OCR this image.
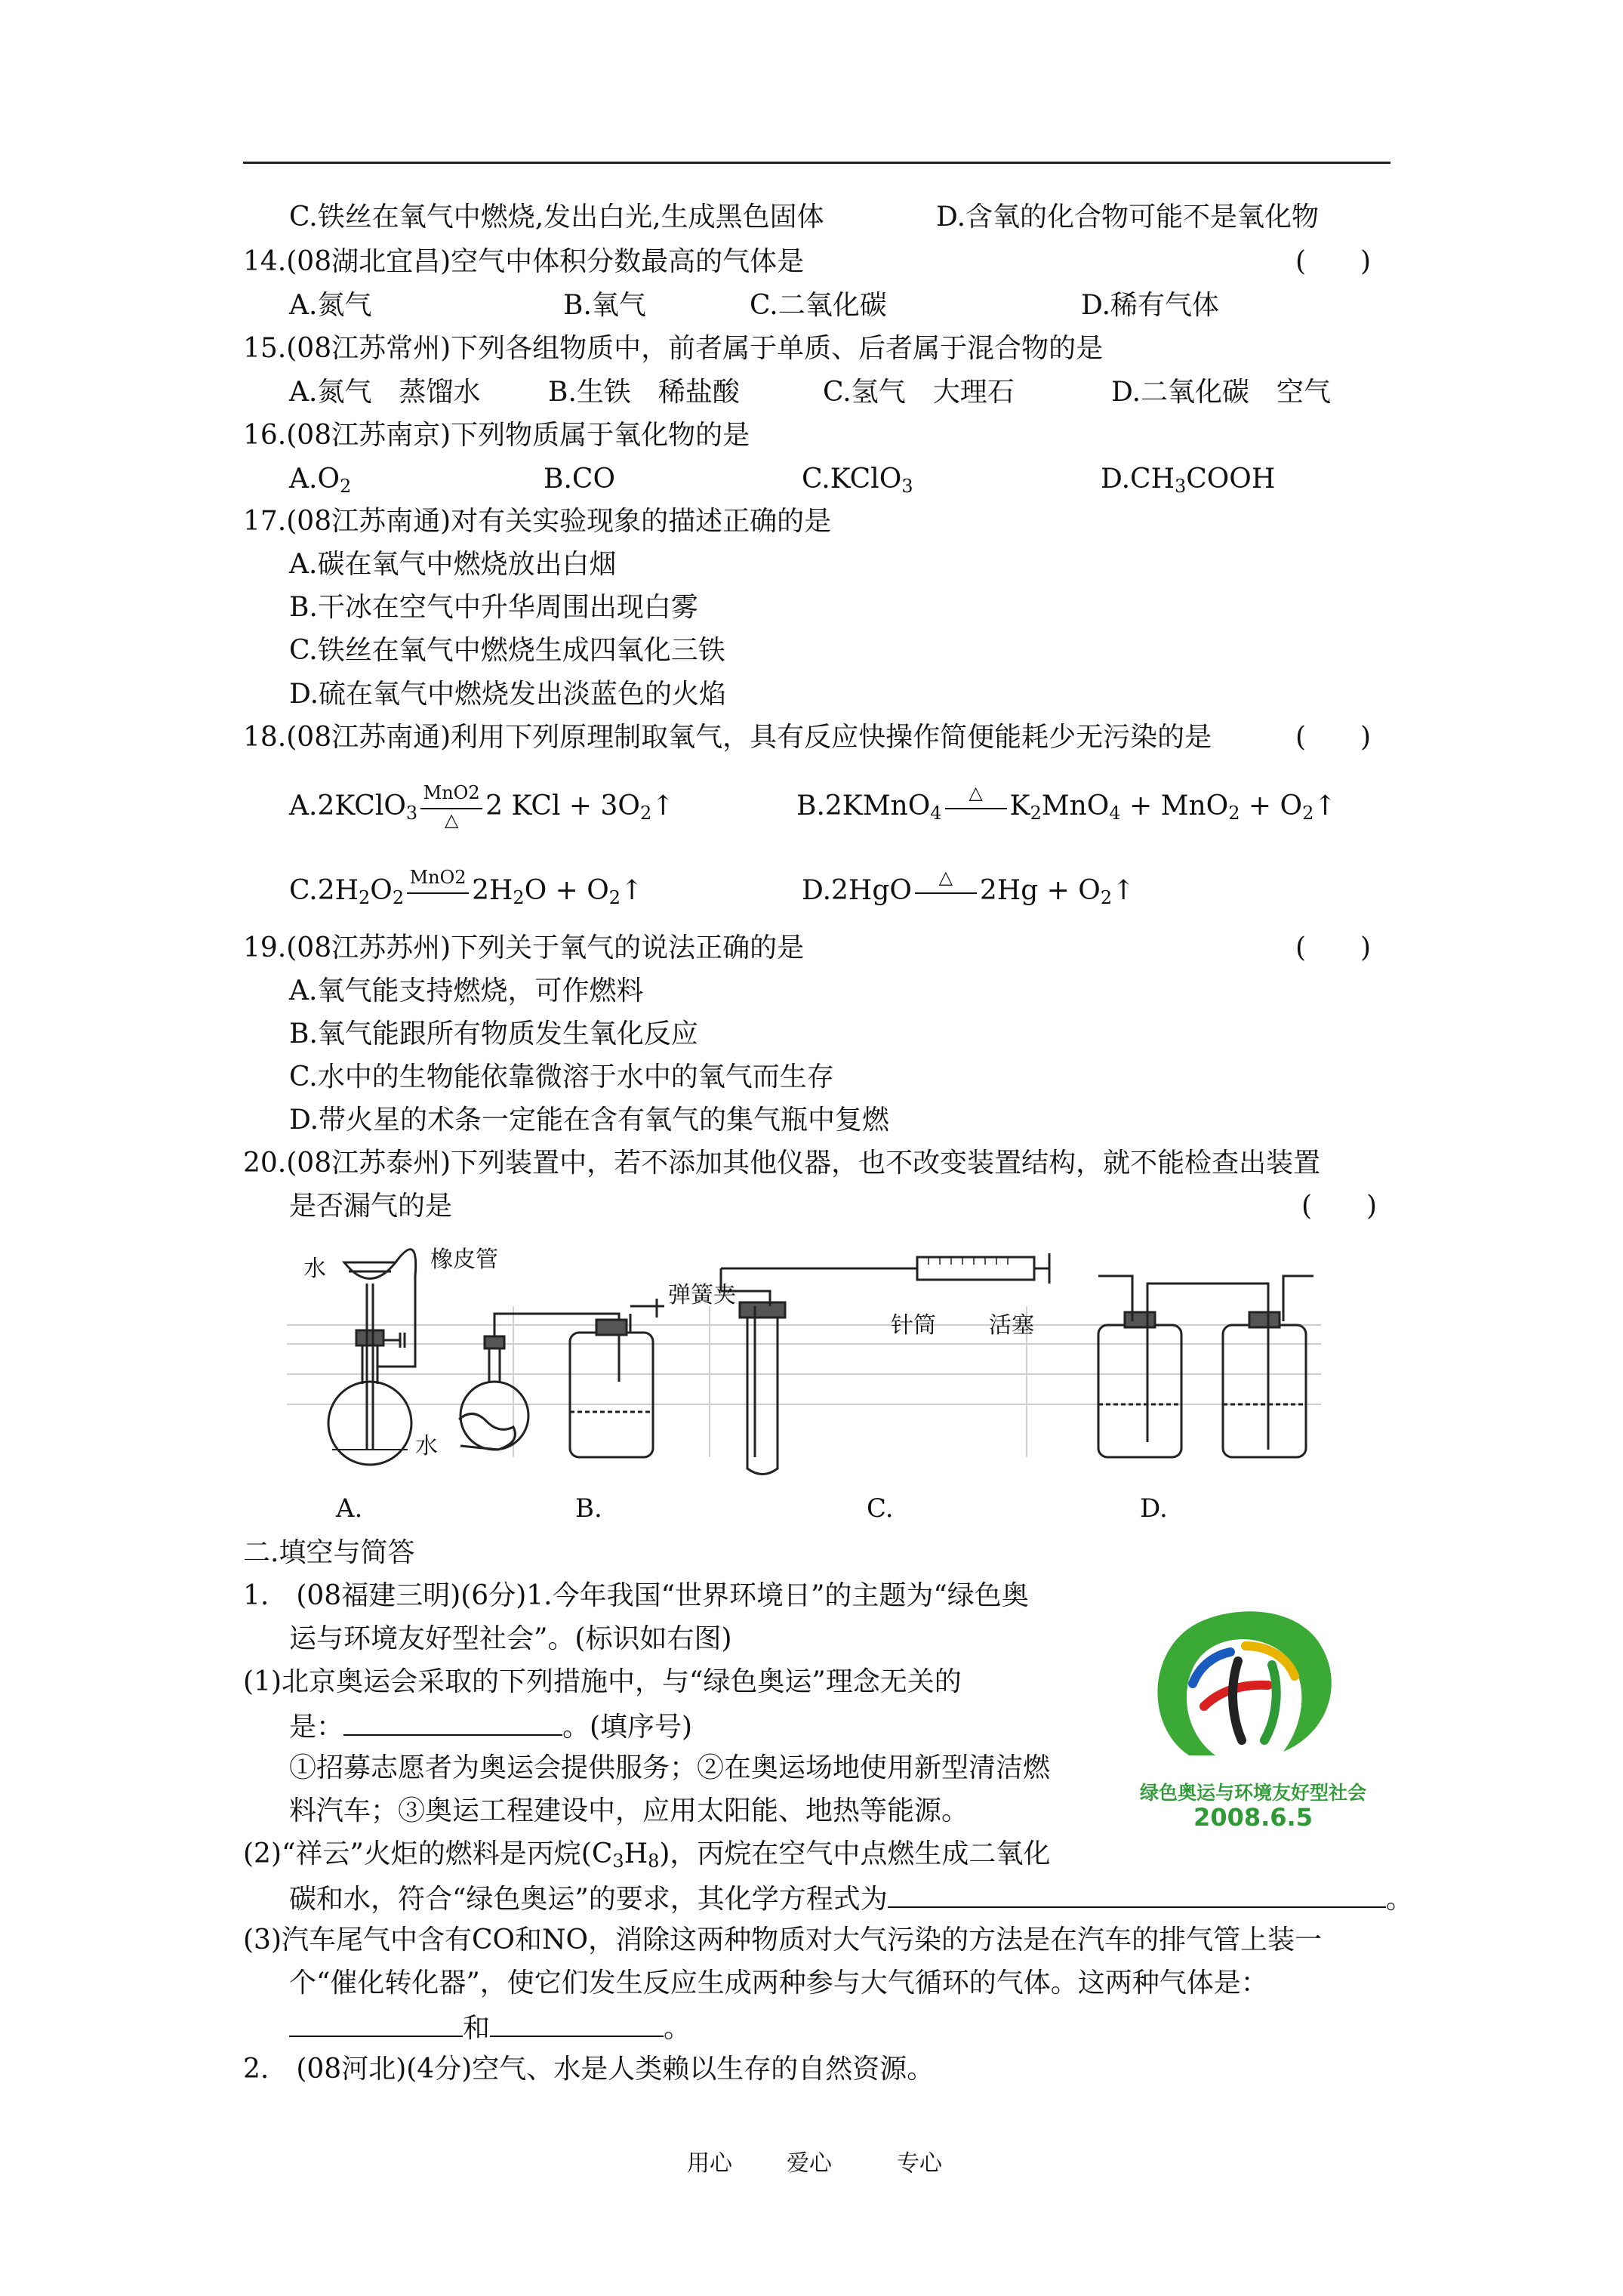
C.铁丝在氧气中燃烧,发出白光,生成黑色固体	D.含氧的化合物可能不是氧化物
14.(08湖北宜昌)空气中体积分数最高的气体是	(　　)
A.氮气	B.氧气	C.二氧化碳	D.稀有气体
15.(08江苏常州)下列各组物质中，前者属于单质、后者属于混合物的是
A.氮气　蒸馏水 B.生铁　稀盐酸	C.氢气　大理石	D.二氧化碳　空气
16.(08江苏南京)下列物质属于氧化物的是
$A.O_2$	B.CO	C.KClO$_3$	$D.CH_3COOH$
17.(08江苏南通)对有关实验现象的描述正确的是
A.碳在氧气中燃烧放出白烟
B.干冰在空气中升华周围出现白雾
C.铁丝在氧气中燃烧生成四氧化三铁
D.硫在氧气中燃烧发出淡蓝色的火焰
18.(08江苏南通)利用下列原理制取氧气，具有反应快操作简便能耗少无污染的是	(　　)
A.2KClO$_3$
MnO2
△ 2 KCl + $3O_2↑$	B.2KMnO$_4$
△ $K_2MnO_4 + MnO_2$ + $O_2↑$
$C.2H_2O_2$
MnO2 $2H_2O$ + $O_2↑$	D.2HgO	△ $2Hg + O_2↑$
19.(08江苏苏州)下列关于氧气的说法正确的是	(　　)
A.氧气能支持燃烧，可作燃料
B.氧气能跟所有物质发生氧化反应
C.水中的生物能依靠微溶于水中的氧气而生存
D.带火星的术条一定能在含有氧气的集气瓶中复燃
20.(08江苏泰州)下列装置中，若不添加其他仪器，也不改变装置结构，就不能检查出装置
是否漏气的是	(　　)
水	橡皮管
水
弹簧夹
针筒 活塞
A.	B.	C.	D.
二.填空与简答
1.　(08福建三明)(6分)1.今年我国“世界环境日”的主题为“绿色奥
运与环境友好型社会”。(标识如右图)
(1)北京奥运会采取的下列措施中，与“绿色奥运”理念无关的
是：	。(填序号)
①招募志愿者为奥运会提供服务；②在奥运场地使用新型清洁燃
料汽车；③奥运工程建设中，应用太阳能、地热等能源。
(2)“祥云”火炬的燃料是丙烷$(C_3H_8)$，丙烷在空气中点燃生成二氧化
碳和水，符合“绿色奥运”的要求，其化学方程式为	。
(3)汽车尾气中含有CO和NO，消除这两种物质对大气污染的方法是在汽车的排气管上装一
个“催化转化器”，使它们发生反应生成两种参与大气循环的气体。这两种气体是：
和	。
2.　(08河北)(4分)空气、水是人类赖以生存的自然资源。
绿色奥运与环境友好型社会
2008.6.5
用心 爱心	专心
